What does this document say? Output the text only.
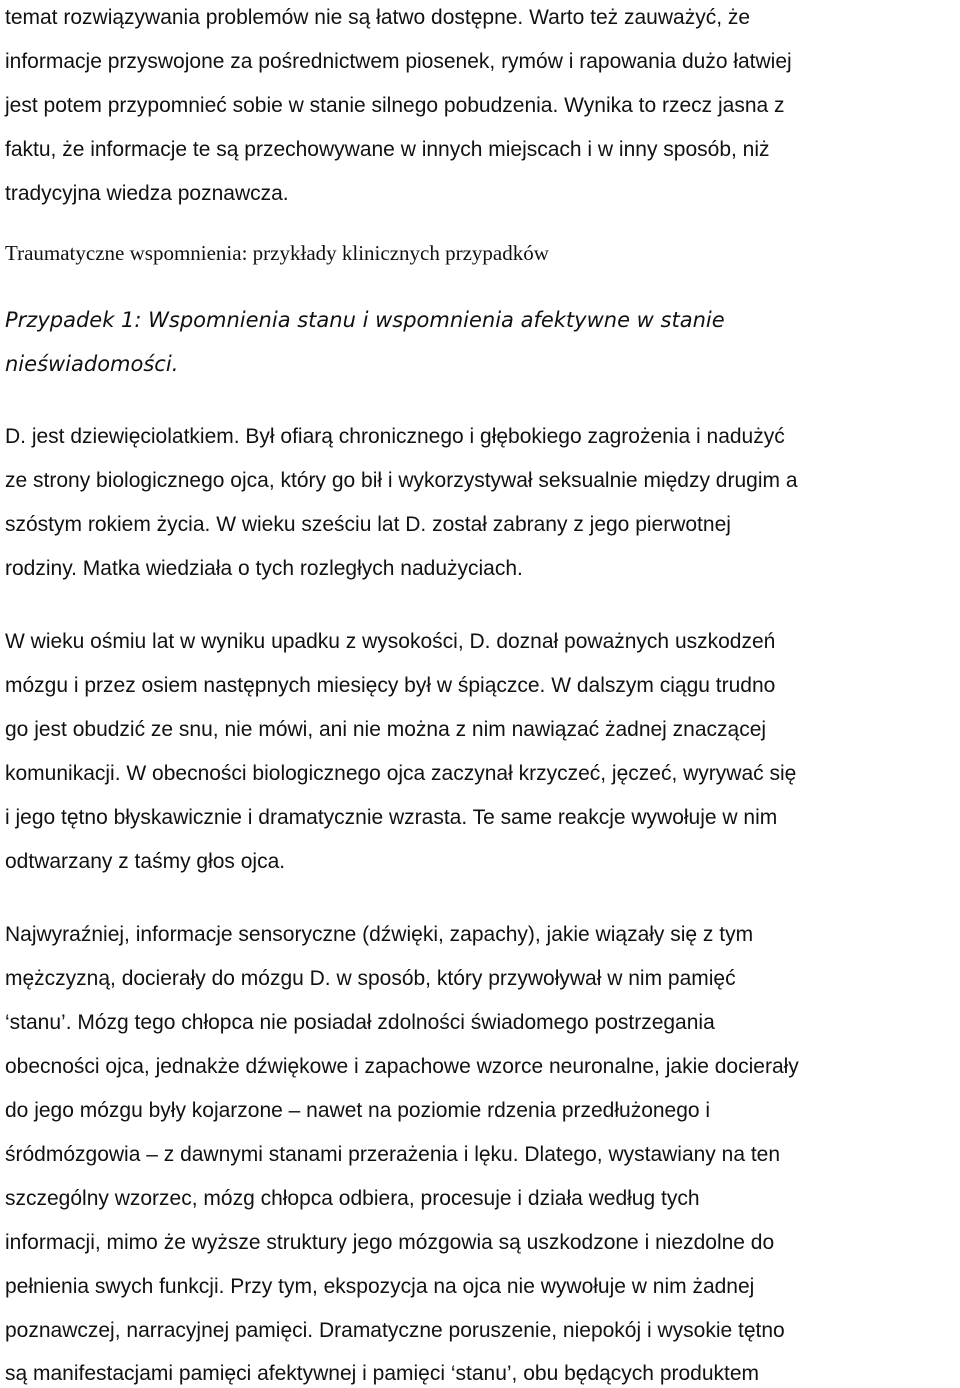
temat rozwiązywania problemów nie są łatwo dostępne. Warto też zauważyć, że
informacje przyswojone za pośrednictwem piosenek, rymów i rapowania dużo łatwiej
jest potem przypomnieć sobie w stanie silnego pobudzenia. Wynika to rzecz jasna z
faktu, że informacje te są przechowywane w innych miejscach i w inny sposób, niż
tradycyjna wiedza poznawcza.
Traumatyczne wspomnienia: przykłady klinicznych przypadków
Przypadek 1: Wspomnienia stanu i wspomnienia afektywne w stanie
nieświadomości.
D. jest dziewięciolatkiem. Był ofiarą chronicznego i głębokiego zagrożenia i nadużyć
ze strony biologicznego ojca, który go bił i wykorzystywał seksualnie między drugim a
szóstym rokiem życia. W wieku sześciu lat D. został zabrany z jego pierwotnej
rodziny. Matka wiedziała o tych rozległych nadużyciach.
W wieku ośmiu lat w wyniku upadku z wysokości, D. doznał poważnych uszkodzeń
mózgu i przez osiem następnych miesięcy był w śpiączce. W dalszym ciągu trudno
go jest obudzić ze snu, nie mówi, ani nie można z nim nawiązać żadnej znaczącej
komunikacji. W obecności biologicznego ojca zaczynał krzyczeć, jęczeć, wyrywać się
i jego tętno błyskawicznie i dramatycznie wzrasta. Te same reakcje wywołuje w nim
odtwarzany z taśmy głos ojca.
Najwyraźniej, informacje sensoryczne (dźwięki, zapachy), jakie wiązały się z tym
mężczyzną, docierały do mózgu D. w sposób, który przywoływał w nim pamięć
‘stanu’. Mózg tego chłopca nie posiadał zdolności świadomego postrzegania
obecności ojca, jednakże dźwiękowe i zapachowe wzorce neuronalne, jakie docierały
do jego mózgu były kojarzone – nawet na poziomie rdzenia przedłużonego i
śródmózgowia – z dawnymi stanami przerażenia i lęku. Dlatego, wystawiany na ten
szczególny wzorzec, mózg chłopca odbiera, procesuje i działa według tych
informacji, mimo że wyższe struktury jego mózgowia są uszkodzone i niezdolne do
pełnienia swych funkcji. Przy tym, ekspozycja na ojca nie wywołuje w nim żadnej
poznawczej, narracyjnej pamięci. Dramatyczne poruszenie, niepokój i wysokie tętno
są manifestacjami pamięci afektywnej i pamięci ‘stanu’, obu będących produktem
